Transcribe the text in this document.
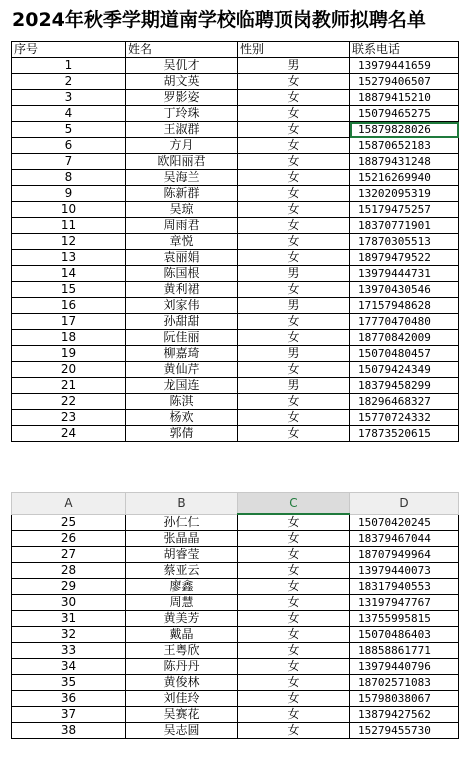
2024年秋季学期道南学校临聘顶岗教师拟聘名单
序号	姓名	性别	联系电话
1	吴仉才	男	13979441659
2	胡文英	女	15279406507
3	罗影姿	女	18879415210
4	丁玲珠	女	15079465275
5	王淑群	女	15879828026
6	方月	女	15870652183
7	欧阳丽君	女	18879431248
8	吴海兰	女	15216269940
9	陈新群	女	13202095319
10	吴琼	女	15179475257
11	周雨君	女	18370771901
12	章悦	女	17870305513
13	袁丽娟	女	18979479522
14	陈国根	男	13979444731
15	黄利裙	女	13970430546
16	刘家伟	男	17157948628
17	孙甜甜	女	17770470480
18	阮佳丽	女	18770842009
19	柳嘉琦	男	15070480457
20	黄仙芹	女	15079424349
21	龙国连	男	18379458299
22	陈淇	女	18296468327
23	杨欢	女	15770724332
24	郭倩	女	17873520615
A	B	C	D
25	孙仁仁	女	15070420245
26	张晶晶	女	18379467044
27	胡睿莹	女	18707949964
28	蔡亚云	女	13979440073
29	廖鑫	女	18317940553
30	周慧	女	13197947767
31	黄美芳	女	13755995815
32	戴晶	女	15070486403
33	王粤欣	女	18858861771
34	陈丹丹	女	13979440796
35	黄俊林	女	18702571083
36	刘佳玲	女	15798038067
37	吴赛花	女	13879427562
38	吴志圆	女	15279455730
